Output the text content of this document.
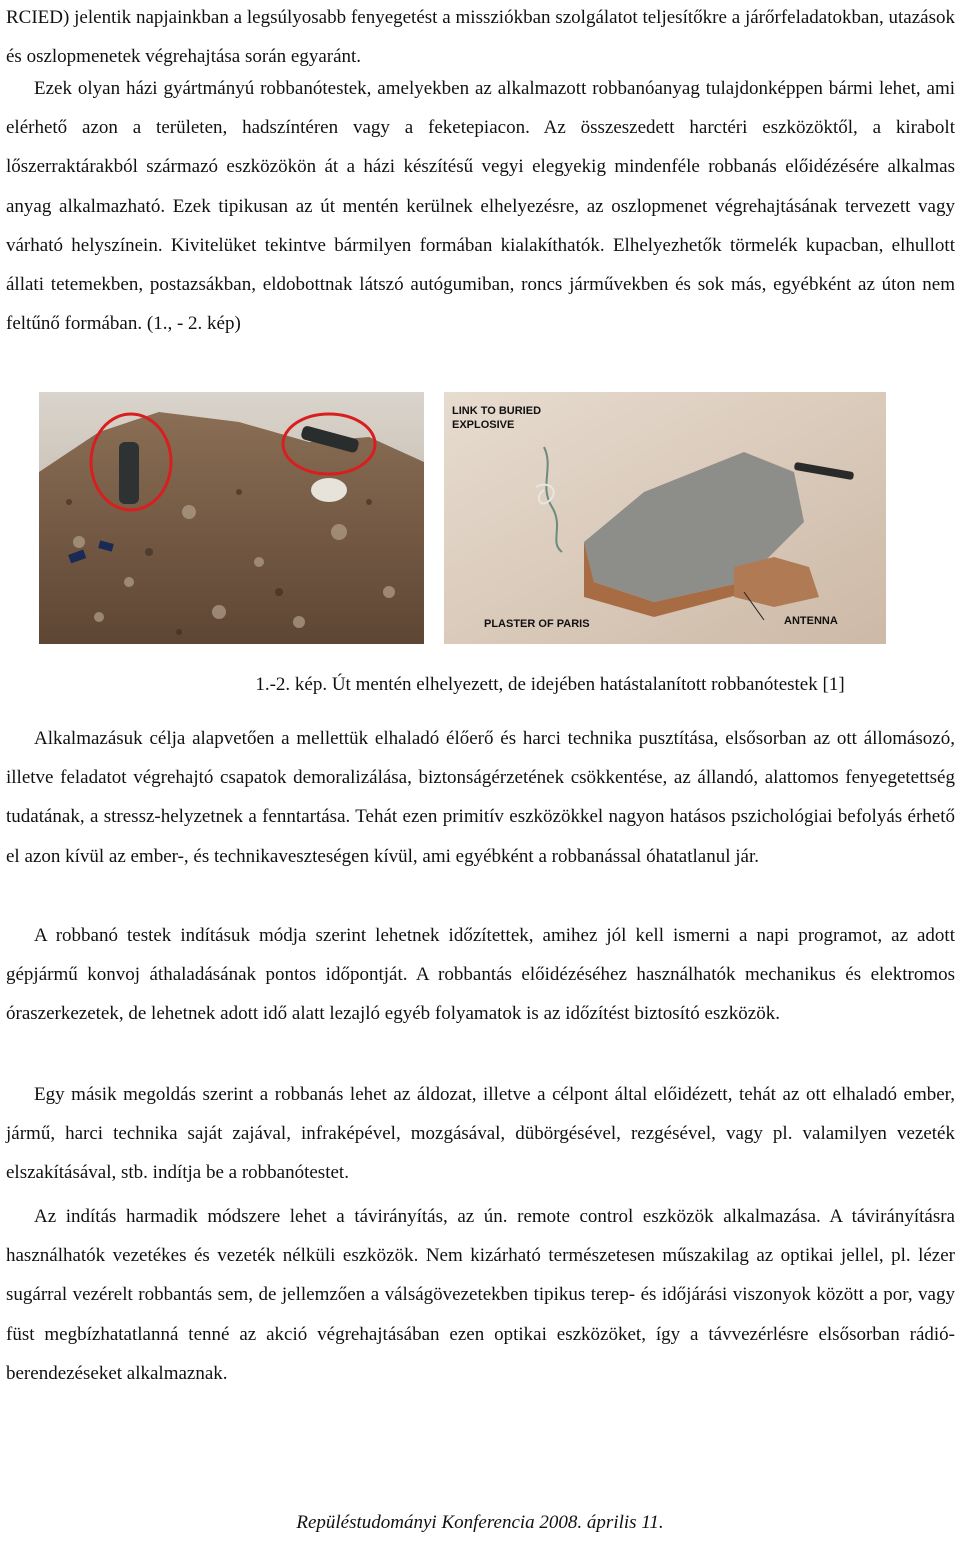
RCIED) jelentik napjainkban a legsúlyosabb fenyegetést a missziókban szolgálatot teljesítőkre a járőrfeladatokban, utazások és oszlopmenetek végrehajtása során egyaránt.

Ezek olyan házi gyártmányú robbanótestek, amelyekben az alkalmazott robbanóanyag tulajdonképpen bármi lehet, ami elérhető azon a területen, hadszíntéren vagy a feketepiacon. Az összeszedett harctéri eszközöktől, a kirabolt lőszerraktárakból származó eszközökön át a házi készítésű vegyi elegyekig mindenféle robbanás előidézésére alkalmas anyag alkalmazható. Ezek tipikusan az út mentén kerülnek elhelyezésre, az oszlopmenet végrehajtásának tervezett vagy várható helyszínein. Kivitelüket tekintve bármilyen formában kialakíthatók. Elhelyezhetők törmelék kupacban, elhullott állati tetemekben, postazsákban, eldobottnak látszó autógumiban, roncs járművekben és sok más, egyébként az úton nem feltűnő formában. (1., - 2. kép)

LINK TO BURIED
EXPLOSIVE
PLASTER OF PARIS	ANTENNA

1.-2. kép. Út mentén elhelyezett, de idejében hatástalanított robbanótestek [1]

Alkalmazásuk célja alapvetően a mellettük elhaladó élőerő és harci technika pusztítása, elsősorban az ott állomásozó, illetve feladatot végrehajtó csapatok demoralizálása, biztonságérzetének csökkentése, az állandó, alattomos fenyegetettség tudatának, a stressz-helyzetnek a fenntartása. Tehát ezen primitív eszközökkel nagyon hatásos pszichológiai befolyás érhető el azon kívül az ember-, és technikaveszteségen kívül, ami egyébként a robbanással óhatatlanul jár.

A robbanó testek indításuk módja szerint lehetnek időzítettek, amihez jól kell ismerni a napi programot, az adott gépjármű konvoj áthaladásának pontos időpontját. A robbantás előidézéséhez használhatók mechanikus és elektromos óraszerkezetek, de lehetnek adott idő alatt lezajló egyéb folyamatok is az időzítést biztosító eszközök.

Egy másik megoldás szerint a robbanás lehet az áldozat, illetve a célpont által előidézett, tehát az ott elhaladó ember, jármű, harci technika saját zajával, infraképével, mozgásával, dübörgésével, rezgésével, vagy pl. valamilyen vezeték elszakításával, stb. indítja be a robbanótestet.

Az indítás harmadik módszere lehet a távirányítás, az ún. remote control eszközök alkalmazása. A távirányításra használhatók vezetékes és vezeték nélküli eszközök. Nem kizárható természetesen műszakilag az optikai jellel, pl. lézer sugárral vezérelt robbantás sem, de jellemzően a válságövezetekben tipikus terep- és időjárási viszonyok között a por, vagy füst megbízhatatlanná tenné az akció végrehajtásában ezen optikai eszközöket, így a távvezérlésre elsősorban rádió-berendezéseket alkalmaznak.

Repüléstudományi Konferencia 2008. április 11.
